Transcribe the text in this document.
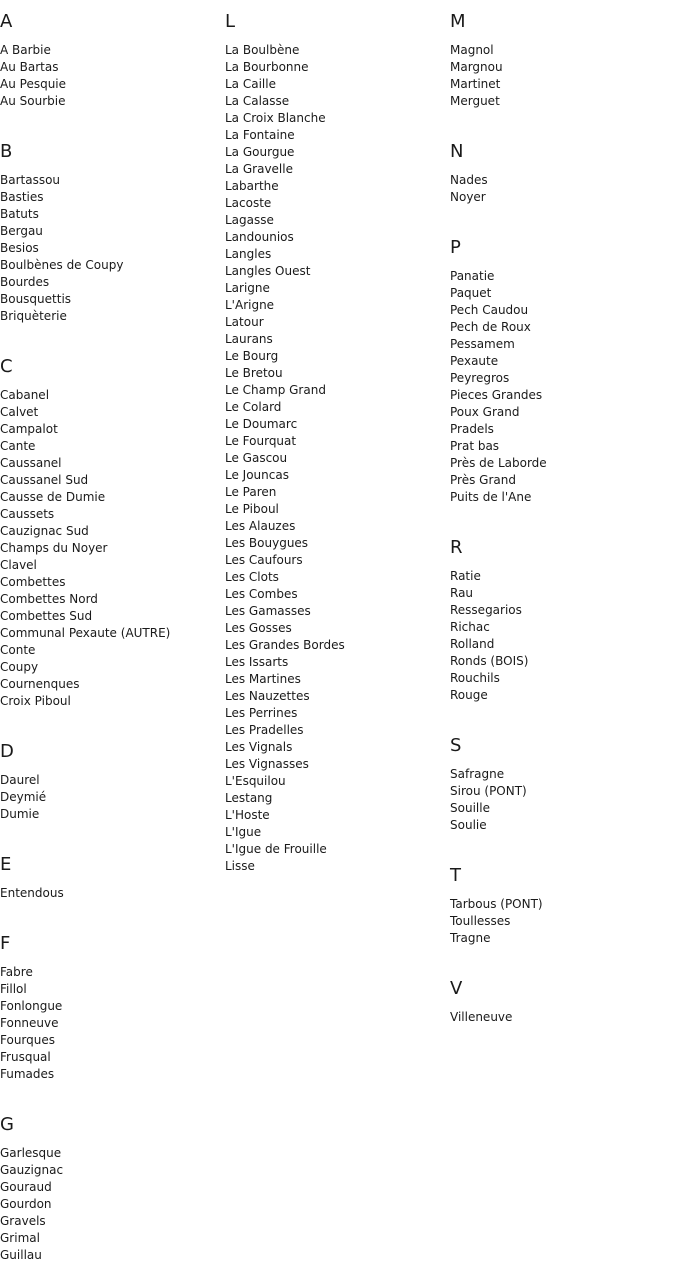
A
A Barbie
Au Bartas
Au Pesquie
Au Sourbie
B
Bartassou
Basties
Batuts
Bergau
Besios
Boulbènes de Coupy
Bourdes
Bousquettis
Briquèterie
C
Cabanel
Calvet
Campalot
Cante
Caussanel
Caussanel Sud
Causse de Dumie
Caussets
Cauzignac Sud
Champs du Noyer
Clavel
Combettes
Combettes Nord
Combettes Sud
Communal Pexaute (AUTRE)
Conte
Coupy
Cournenques
Croix Piboul
D
Daurel
Deymié
Dumie
E
Entendous
F
Fabre
Fillol
Fonlongue
Fonneuve
Fourques
Frusqual
Fumades
G
Garlesque
Gauzignac
Gouraud
Gourdon
Gravels
Grimal
Guillau
L
La Boulbène
La Bourbonne
La Caille
La Calasse
La Croix Blanche
La Fontaine
La Gourgue
La Gravelle
Labarthe
Lacoste
Lagasse
Landounios
Langles
Langles Ouest
Larigne
L'Arigne
Latour
Laurans
Le Bourg
Le Bretou
Le Champ Grand
Le Colard
Le Doumarc
Le Fourquat
Le Gascou
Le Jouncas
Le Paren
Le Piboul
Les Alauzes
Les Bouygues
Les Caufours
Les Clots
Les Combes
Les Gamasses
Les Gosses
Les Grandes Bordes
Les Issarts
Les Martines
Les Nauzettes
Les Perrines
Les Pradelles
Les Vignals
Les Vignasses
L'Esquilou
Lestang
L'Hoste
L'Igue
L'Igue de Frouille
Lisse
M
Magnol
Margnou
Martinet
Merguet
N
Nades
Noyer
P
Panatie
Paquet
Pech Caudou
Pech de Roux
Pessamem
Pexaute
Peyregros
Pieces Grandes
Poux Grand
Pradels
Prat bas
Près de Laborde
Près Grand
Puits de l'Ane
R
Ratie
Rau
Ressegarios
Richac
Rolland
Ronds (BOIS)
Rouchils
Rouge
S
Safragne
Sirou (PONT)
Souille
Soulie
T
Tarbous (PONT)
Toullesses
Tragne
V
Villeneuve
